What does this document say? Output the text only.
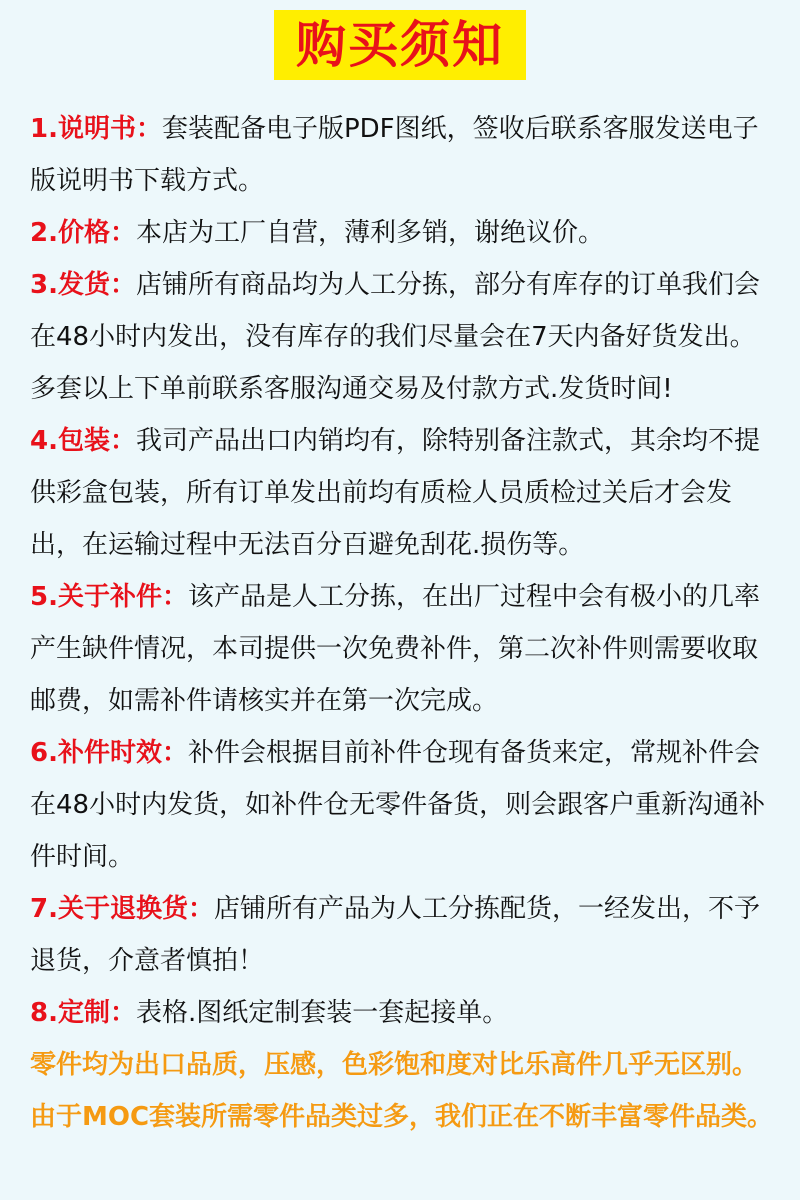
购买须知

1.说明书：套装配备电子版PDF图纸，签收后联系客服发送电子版说明书下载方式。

2.价格：本店为工厂自营，薄利多销，谢绝议价。

3.发货：店铺所有商品均为人工分拣，部分有库存的订单我们会在48小时内发出，没有库存的我们尽量会在7天内备好货发出。多套以上下单前联系客服沟通交易及付款方式.发货时间!

4.包装：我司产品出口内销均有，除特别备注款式，其余均不提供彩盒包装，所有订单发出前均有质检人员质检过关后才会发出，在运输过程中无法百分百避免刮花.损伤等。

5.关于补件：该产品是人工分拣，在出厂过程中会有极小的几率产生缺件情况，本司提供一次免费补件，第二次补件则需要收取邮费，如需补件请核实并在第一次完成。

6.补件时效：补件会根据目前补件仓现有备货来定，常规补件会在48小时内发货，如补件仓无零件备货，则会跟客户重新沟通补件时间。

7.关于退换货：店铺所有产品为人工分拣配货，一经发出，不予退货，介意者慎拍！

8.定制：表格.图纸定制套装一套起接单。

零件均为出口品质，压感，色彩饱和度对比乐高件几乎无区别。由于MOC套装所需零件品类过多，我们正在不断丰富零件品类。
